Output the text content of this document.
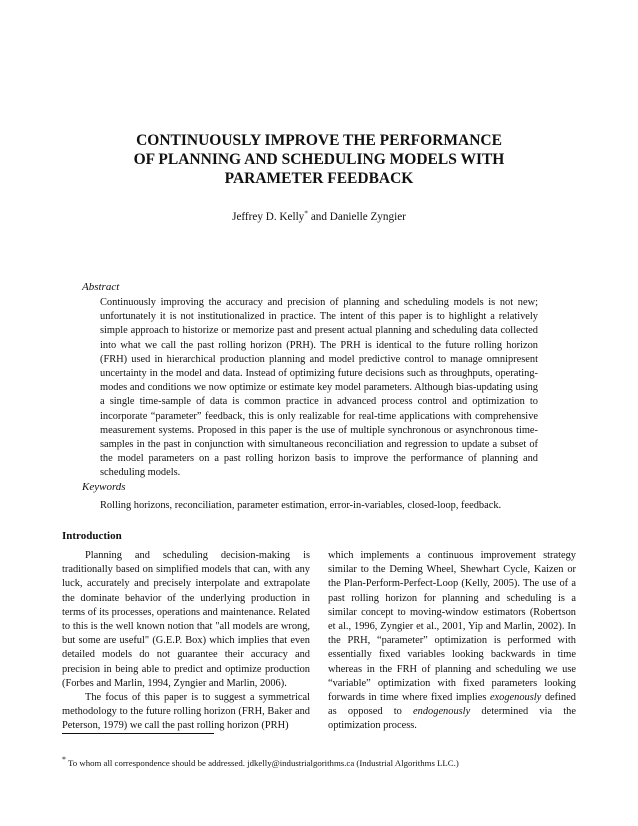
CONTINUOUSLY IMPROVE THE PERFORMANCE
OF PLANNING AND SCHEDULING MODELS WITH
PARAMETER FEEDBACK
Jeffrey D. Kelly* and Danielle Zyngier
Abstract
Continuously improving the accuracy and precision of planning and scheduling models is not new; unfortunately it is not institutionalized in practice. The intent of this paper is to highlight a relatively simple approach to historize or memorize past and present actual planning and scheduling data collected into what we call the past rolling horizon (PRH). The PRH is identical to the future rolling horizon (FRH) used in hierarchical production planning and model predictive control to manage omnipresent uncertainty in the model and data. Instead of optimizing future decisions such as throughputs, operating-modes and conditions we now optimize or estimate key model parameters. Although bias-updating using a single time-sample of data is common practice in advanced process control and optimization to incorporate “parameter” feedback, this is only realizable for real-time applications with comprehensive measurement systems. Proposed in this paper is the use of multiple synchronous or asynchronous time-samples in the past in conjunction with simultaneous reconciliation and regression to update a subset of the model parameters on a past rolling horizon basis to improve the performance of planning and scheduling models.
Keywords
Rolling horizons, reconciliation, parameter estimation, error-in-variables, closed-loop, feedback.
Introduction

Planning and scheduling decision-making is traditionally based on simplified models that can, with any luck, accurately and precisely interpolate and extrapolate the dominate behavior of the underlying production in terms of its processes, operations and maintenance. Related to this is the well known notion that "all models are wrong, but some are useful" (G.E.P. Box) which implies that even detailed models do not guarantee their accuracy and precision in being able to predict and optimize production (Forbes and Marlin, 1994, Zyngier and Marlin, 2006).

The focus of this paper is to suggest a symmetrical methodology to the future rolling horizon (FRH, Baker and Peterson, 1979) we call the past rolling horizon (PRH)

which implements a continuous improvement strategy similar to the Deming Wheel, Shewhart Cycle, Kaizen or the Plan-Perform-Perfect-Loop (Kelly, 2005). The use of a past rolling horizon for planning and scheduling is a similar concept to moving-window estimators (Robertson et al., 1996, Zyngier et al., 2001, Yip and Marlin, 2002). In the PRH, “parameter” optimization is performed with essentially fixed variables looking backwards in time whereas in the FRH of planning and scheduling we use “variable” optimization with fixed parameters looking forwards in time where fixed implies exogenously defined as opposed to endogenously determined via the optimization process.

* To whom all correspondence should be addressed. jdkelly@industrialgorithms.ca (Industrial Algorithms LLC.)
